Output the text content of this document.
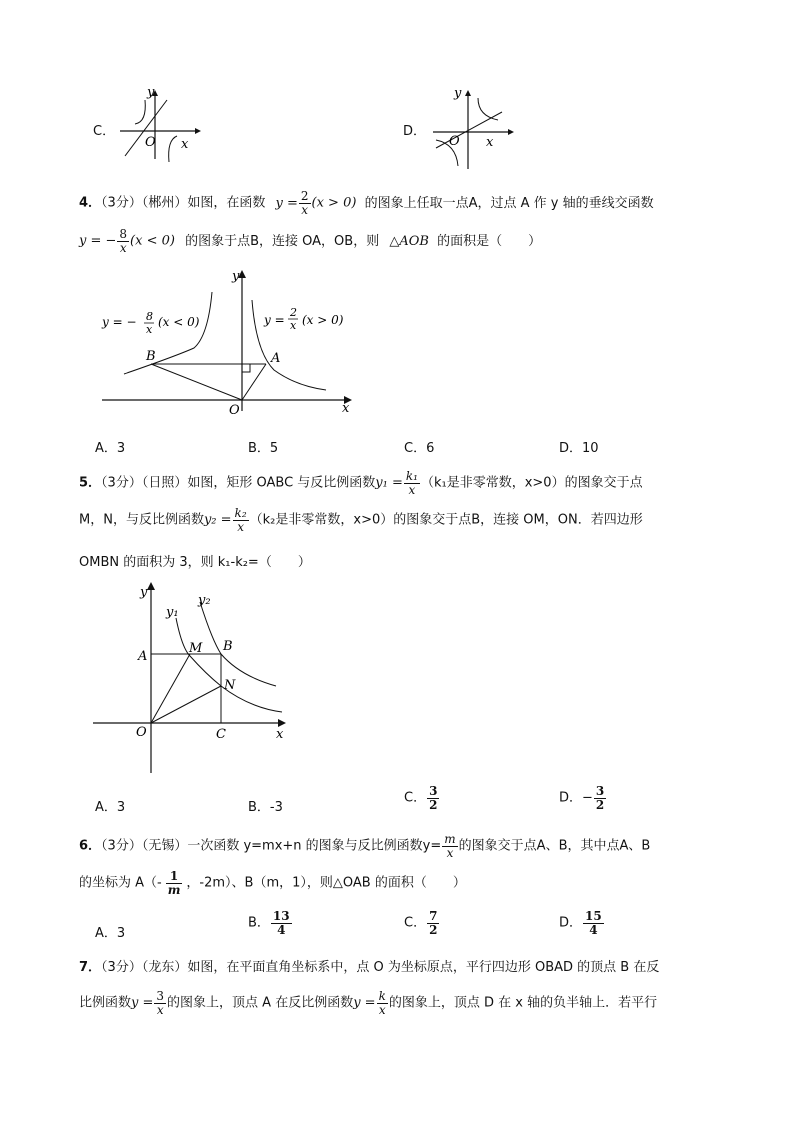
C．
y
x
O
D．
y
x
O
4．（3分）（郴州）如图，在函数 $y = \frac{2}{x} (x > 0)$ 的图象上任取一点A，过点 A 作 y 轴的垂线交函数
y = − $\frac{8}{x} (x < 0)$ 的图象于点B，连接 OA，OB，则 △AOB 的面积是（　　）
y = − 8
x
(x < 0)	y =
2
x (x > 0)
B	A
O	x
y
A．3	B．5	C．6	D．10
5．（3分）（日照）如图，矩形 OABC 与反比例函数$y_1 = \frac{\text{k₁}}{x} (k_1$是非零常数，x>0）的图象交于点
M，N，与反比例函数$y_2 = \frac{\text{k₂}}{x} (k_2$是非零常数，x>0）的图象交于点B，连接 OM，ON．若四边形
OMBN 的面积为 3，则 k₁-k₂=（　　）
y₁
y₂
y
x
A
M B
N
O	C
A．3	B．-3
C． $\frac{3}{2}$	D．− $\frac{3}{2}$
6．（3分）（无锡）一次函数 y=mx+n 的图象与反比例函数$y= \frac{m}{x}$ 的图象交于点A、B，其中点A、B
的坐标为 $A(- \frac{1}{m}$ ，-2m）、B（m，1），则△OAB 的面积（　　）
A．3
B． $\frac{13}{4}$	C． $\frac{7}{2}$	D． $\frac{15}{4}$
7．（3分）（龙东）如图，在平面直角坐标系中，点 O 为坐标原点，平行四边形 OBAD 的顶点 B 在反
比例函数$y = \frac{3}{x}$ 的图象上，顶点 A 在反比例函数$y = \frac{k}{x}$ 的图象上，顶点 D 在 x 轴的负半轴上．若平行
